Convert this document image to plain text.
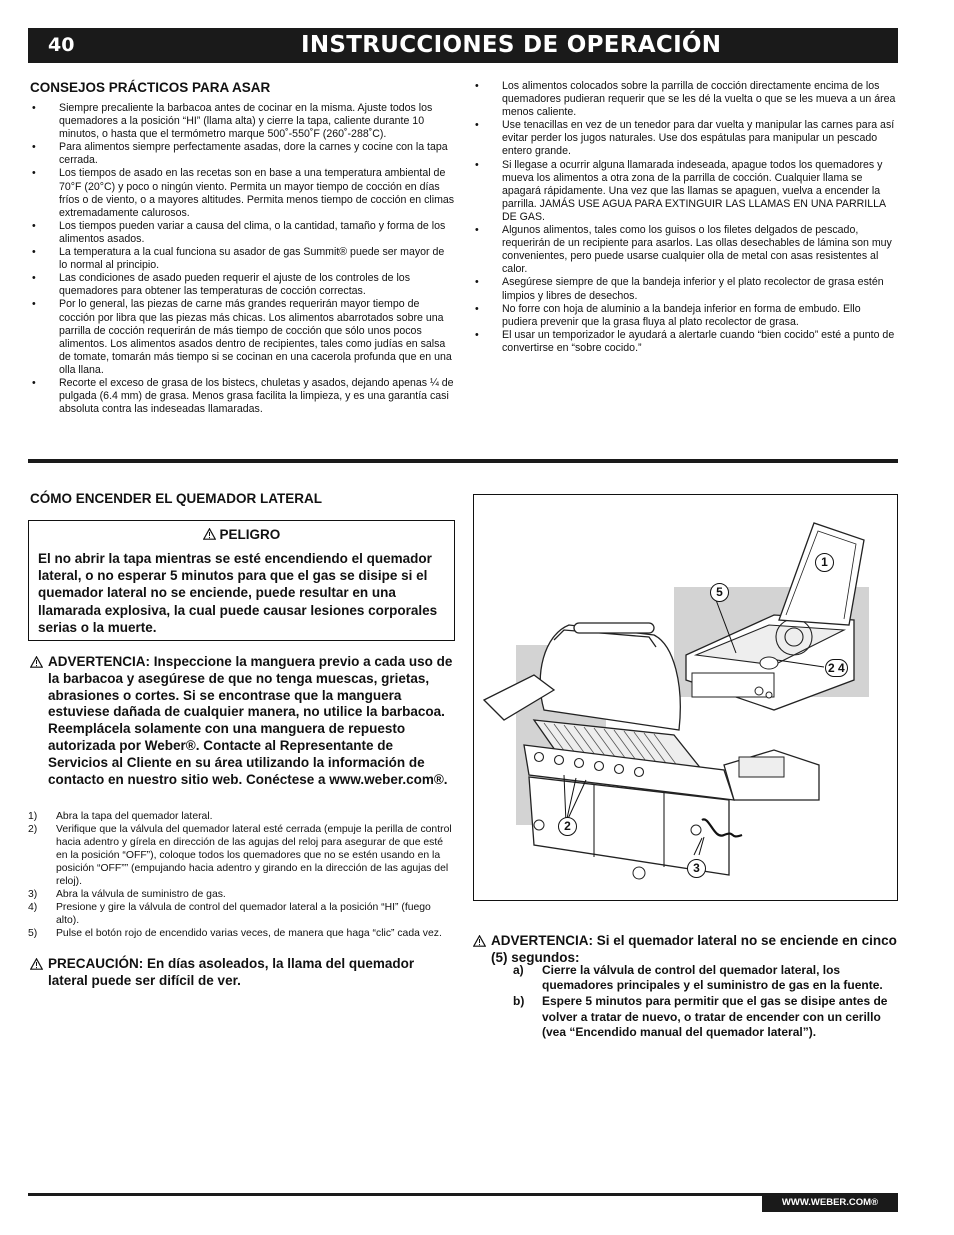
40	INSTRUCCIONES DE OPERACIÓN
CONSEJOS PRÁCTICOS PARA ASAR
• Siempre precaliente la barbacoa antes de cocinar en la misma. Ajuste todos los quemadores a la posición “HI” (llama alta) y cierre la tapa, caliente durante 10 minutos, o hasta que el termómetro marque 500˚-550˚F (260˚-288˚C).
• Para alimentos siempre perfectamente asadas, dore la carnes y cocine con la tapa cerrada.
• Los tiempos de asado en las recetas son en base a una temperatura ambiental de 70°F (20°C) y poco o ningún viento. Permita un mayor tiempo de cocción en días fríos o de viento, o a mayores altitudes. Permita menos tiempo de cocción en climas extremadamente calurosos.
• Los tiempos pueden variar a causa del clima, o la cantidad, tamaño y forma de los alimentos asados.
• La temperatura a la cual funciona su asador de gas Summit® puede ser mayor de lo normal al principio.
• Las condiciones de asado pueden requerir el ajuste de los controles de los quemadores para obtener las temperaturas de cocción correctas.
• Por lo general, las piezas de carne más grandes requerirán mayor tiempo de cocción por libra que las piezas más chicas. Los alimentos abarrotados sobre una parrilla de cocción requerirán de más tiempo de cocción que sólo unos pocos alimentos. Los alimentos asados dentro de recipientes, tales como judías en salsa de tomate, tomarán más tiempo si se cocinan en una cacerola profunda que en una olla llana.
• Recorte el exceso de grasa de los bistecs, chuletas y asados, dejando apenas ¼ de pulgada (6.4 mm) de grasa. Menos grasa facilita la limpieza, y es una garantía casi absoluta contra las indeseadas llamaradas.
• Los alimentos colocados sobre la parrilla de cocción directamente encima de los quemadores pudieran requerir que se les dé la vuelta o que se les mueva a un área menos caliente.
• Use tenacillas en vez de un tenedor para dar vuelta y manipular las carnes para así evitar perder los jugos naturales. Use dos espátulas para manipular un pescado entero grande.
• Si llegase a ocurrir alguna llamarada indeseada, apague todos los quemadores y mueva los alimentos a otra zona de la parrilla de cocción. Cualquier llama se apagará rápidamente. Una vez que las llamas se apaguen, vuelva a encender la parrilla. JAMÁS USE AGUA PARA EXTINGUIR LAS LLAMAS EN UNA PARRILLA DE GAS.
• Algunos alimentos, tales como los guisos o los filetes delgados de pescado, requerirán de un recipiente para asarlos. Las ollas desechables de lámina son muy convenientes, pero puede usarse cualquier olla de metal con asas resistentes al calor.
• Asegúrese siempre de que la bandeja inferior y el plato recolector de grasa estén limpios y libres de desechos.
• No forre con hoja de aluminio a la bandeja inferior en forma de embudo. Ello pudiera prevenir que la grasa fluya al plato recolector de grasa.
• El usar un temporizador le ayudará a alertarle cuando “bien cocido” esté a punto de convertirse en “sobre cocido.”
CÓMO ENCENDER EL QUEMADOR LATERAL
PELIGRO
El no abrir la tapa mientras se esté encendiendo el quemador lateral, o no esperar 5 minutos para que el gas se disipe si el quemador lateral no se enciende, puede resultar en una llamarada explosiva, la cual puede causar lesiones corporales serias o la muerte.
ADVERTENCIA: Inspeccione la manguera previo a cada uso de la barbacoa y asegúrese de que no tenga muescas, grietas, abrasiones o cortes. Si se encontrase que la manguera estuviese dañada de cualquier manera, no utilice la barbacoa. Reemplácela solamente con una manguera de repuesto autorizada por Weber®. Contacte al Representante de Servicios al Cliente en su área utilizando la información de contacto en nuestro sitio web. Conéctese a www.weber.com®.
1) Abra la tapa del quemador lateral.
2) Verifique que la válvula del quemador lateral esté cerrada (empuje la perilla de control hacia adentro y gírela en dirección de las agujas del reloj para asegurar de que esté en la posición “OFF”), coloque todos los quemadores que no se estén usando en la posición “OFF”” (empujando hacia adentro y girando en la dirección de las agujas del reloj).
3) Abra la válvula de suministro de gas.
4) Presione y gire la válvula de control del quemador lateral a la posición “HI” (fuego alto).
5) Pulse el botón rojo de encendido varias veces, de manera que haga “clic” cada vez.
PRECAUCIÓN: En días asoleados, la llama del quemador lateral puede ser difícil de ver.
1
5
2 4
2
3
ADVERTENCIA: Si el quemador lateral no se enciende en cinco (5) segundos:
a) Cierre la válvula de control del quemador lateral, los quemadores principales y el suministro de gas en la fuente.
b) Espere 5 minutos para permitir que el gas se disipe antes de volver a tratar de nuevo, o tratar de encender con un cerillo (vea “Encendido manual del quemador lateral”).
WWW.WEBER.COM®
